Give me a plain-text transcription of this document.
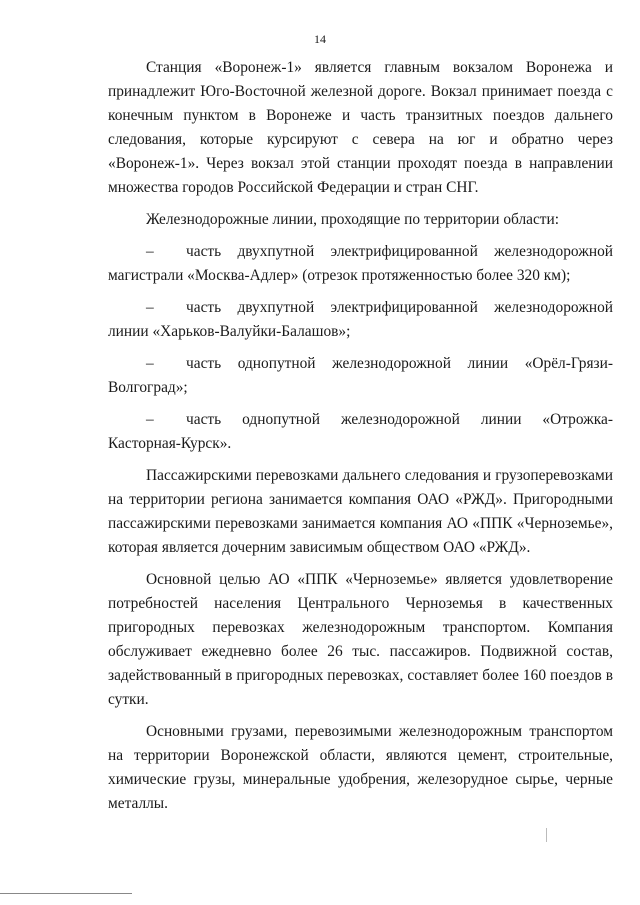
14

Станция «Воронеж-1» является главным вокзалом Воронежа и принадлежит Юго-Восточной железной дороге. Вокзал принимает поезда с конечным пунктом в Воронеже и часть транзитных поездов дальнего следования, которые курсируют с севера на юг и обратно через «Воронеж-1». Через вокзал этой станции проходят поезда в направлении множества городов Российской Федерации и стран СНГ.

Железнодорожные линии, проходящие по территории области:

– часть двухпутной электрифицированной железнодорожной магистрали «Москва-Адлер» (отрезок протяженностью более 320 км);

– часть двухпутной электрифицированной железнодорожной линии «Харьков-Валуйки-Балашов»;

– часть однопутной железнодорожной линии «Орёл-Грязи-Волгоград»;

– часть однопутной железнодорожной линии «Отрожка-Касторная-Курск».

Пассажирскими перевозками дальнего следования и грузоперевозками на территории региона занимается компания ОАО «РЖД». Пригородными пассажирскими перевозками занимается компания АО «ППК «Черноземье», которая является дочерним зависимым обществом ОАО «РЖД».

Основной целью АО «ППК «Черноземье» является удовлетворение потребностей населения Центрального Черноземья в качественных пригородных перевозках железнодорожным транспортом. Компания обслуживает ежедневно более 26 тыс. пассажиров. Подвижной состав, задействованный в пригородных перевозках, составляет более 160 поездов в сутки.

Основными грузами, перевозимыми железнодорожным транспортом на территории Воронежской области, являются цемент, строительные, химические грузы, минеральные удобрения, железорудное сырье, черные металлы.
